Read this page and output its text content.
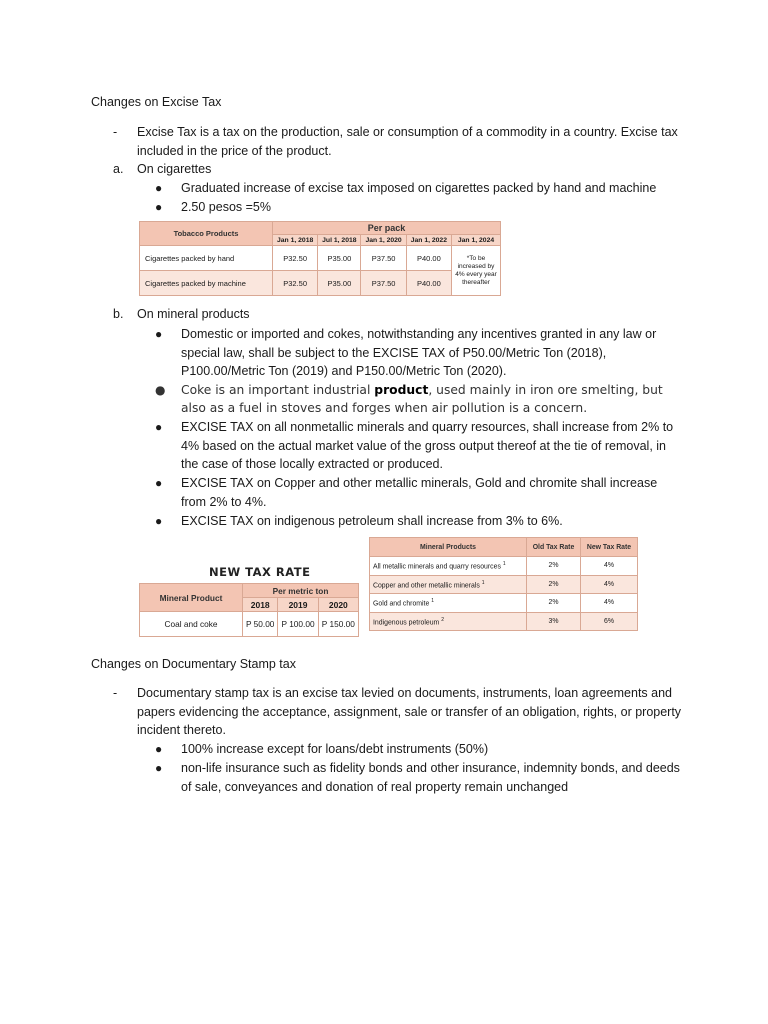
Changes on Excise Tax
- Excise Tax is a tax on the production, sale or consumption of a commodity in a country. Excise tax included in the price of the product.
a. On cigarettes
● Graduated increase of excise tax imposed on cigarettes packed by hand and machine
● 2.50 pesos =5%
Tobacco Products	Per pack				
	Jan 1, 2018	Jul 1, 2018	Jan 1, 2020	Jan 1, 2022	Jan 1, 2024
Cigarettes packed by hand	P32.50	P35.00	P37.50	P40.00	*To be increased by 4% every year thereafter
Cigarettes packed by machine	P32.50	P35.00	P37.50	P40.00	
b. On mineral products
● Domestic or imported and cokes, notwithstanding any incentives granted in any law or special law, shall be subject to the EXCISE TAX of P50.00/Metric Ton (2018), P100.00/Metric Ton (2019) and P150.00/Metric Ton (2020).
● Coke is an important industrial product, used mainly in iron ore smelting, but also as a fuel in stoves and forges when air pollution is a concern.
● EXCISE TAX on all nonmetallic minerals and quarry resources, shall increase from 2% to 4% based on the actual market value of the gross output thereof at the tie of removal, in the case of those locally extracted or produced.
● EXCISE TAX on Copper and other metallic minerals, Gold and chromite shall increase from 2% to 4%.
● EXCISE TAX on indigenous petroleum shall increase from 3% to 6%.
NEW TAX RATE
Mineral Product	Per metric ton		
	2018	2019	2020
Coal and coke	P 50.00	P 100.00	P 150.00
Mineral Products	Old Tax Rate	New Tax Rate
All metallic minerals and quarry resources $^1$	2%	4%
Copper and other metallic minerals $^1$	2%	4%
Gold and chromite $^1$	2%	4%
Indigenous petroleum $^2$	3%	6%
Changes on Documentary Stamp tax
- Documentary stamp tax is an excise tax levied on documents, instruments, loan agreements and papers evidencing the acceptance, assignment, sale or transfer of an obligation, rights, or property incident thereto.
● 100% increase except for loans/debt instruments (50%)
● non-life insurance such as fidelity bonds and other insurance, indemnity bonds, and deeds of sale, conveyances and donation of real property remain unchanged
